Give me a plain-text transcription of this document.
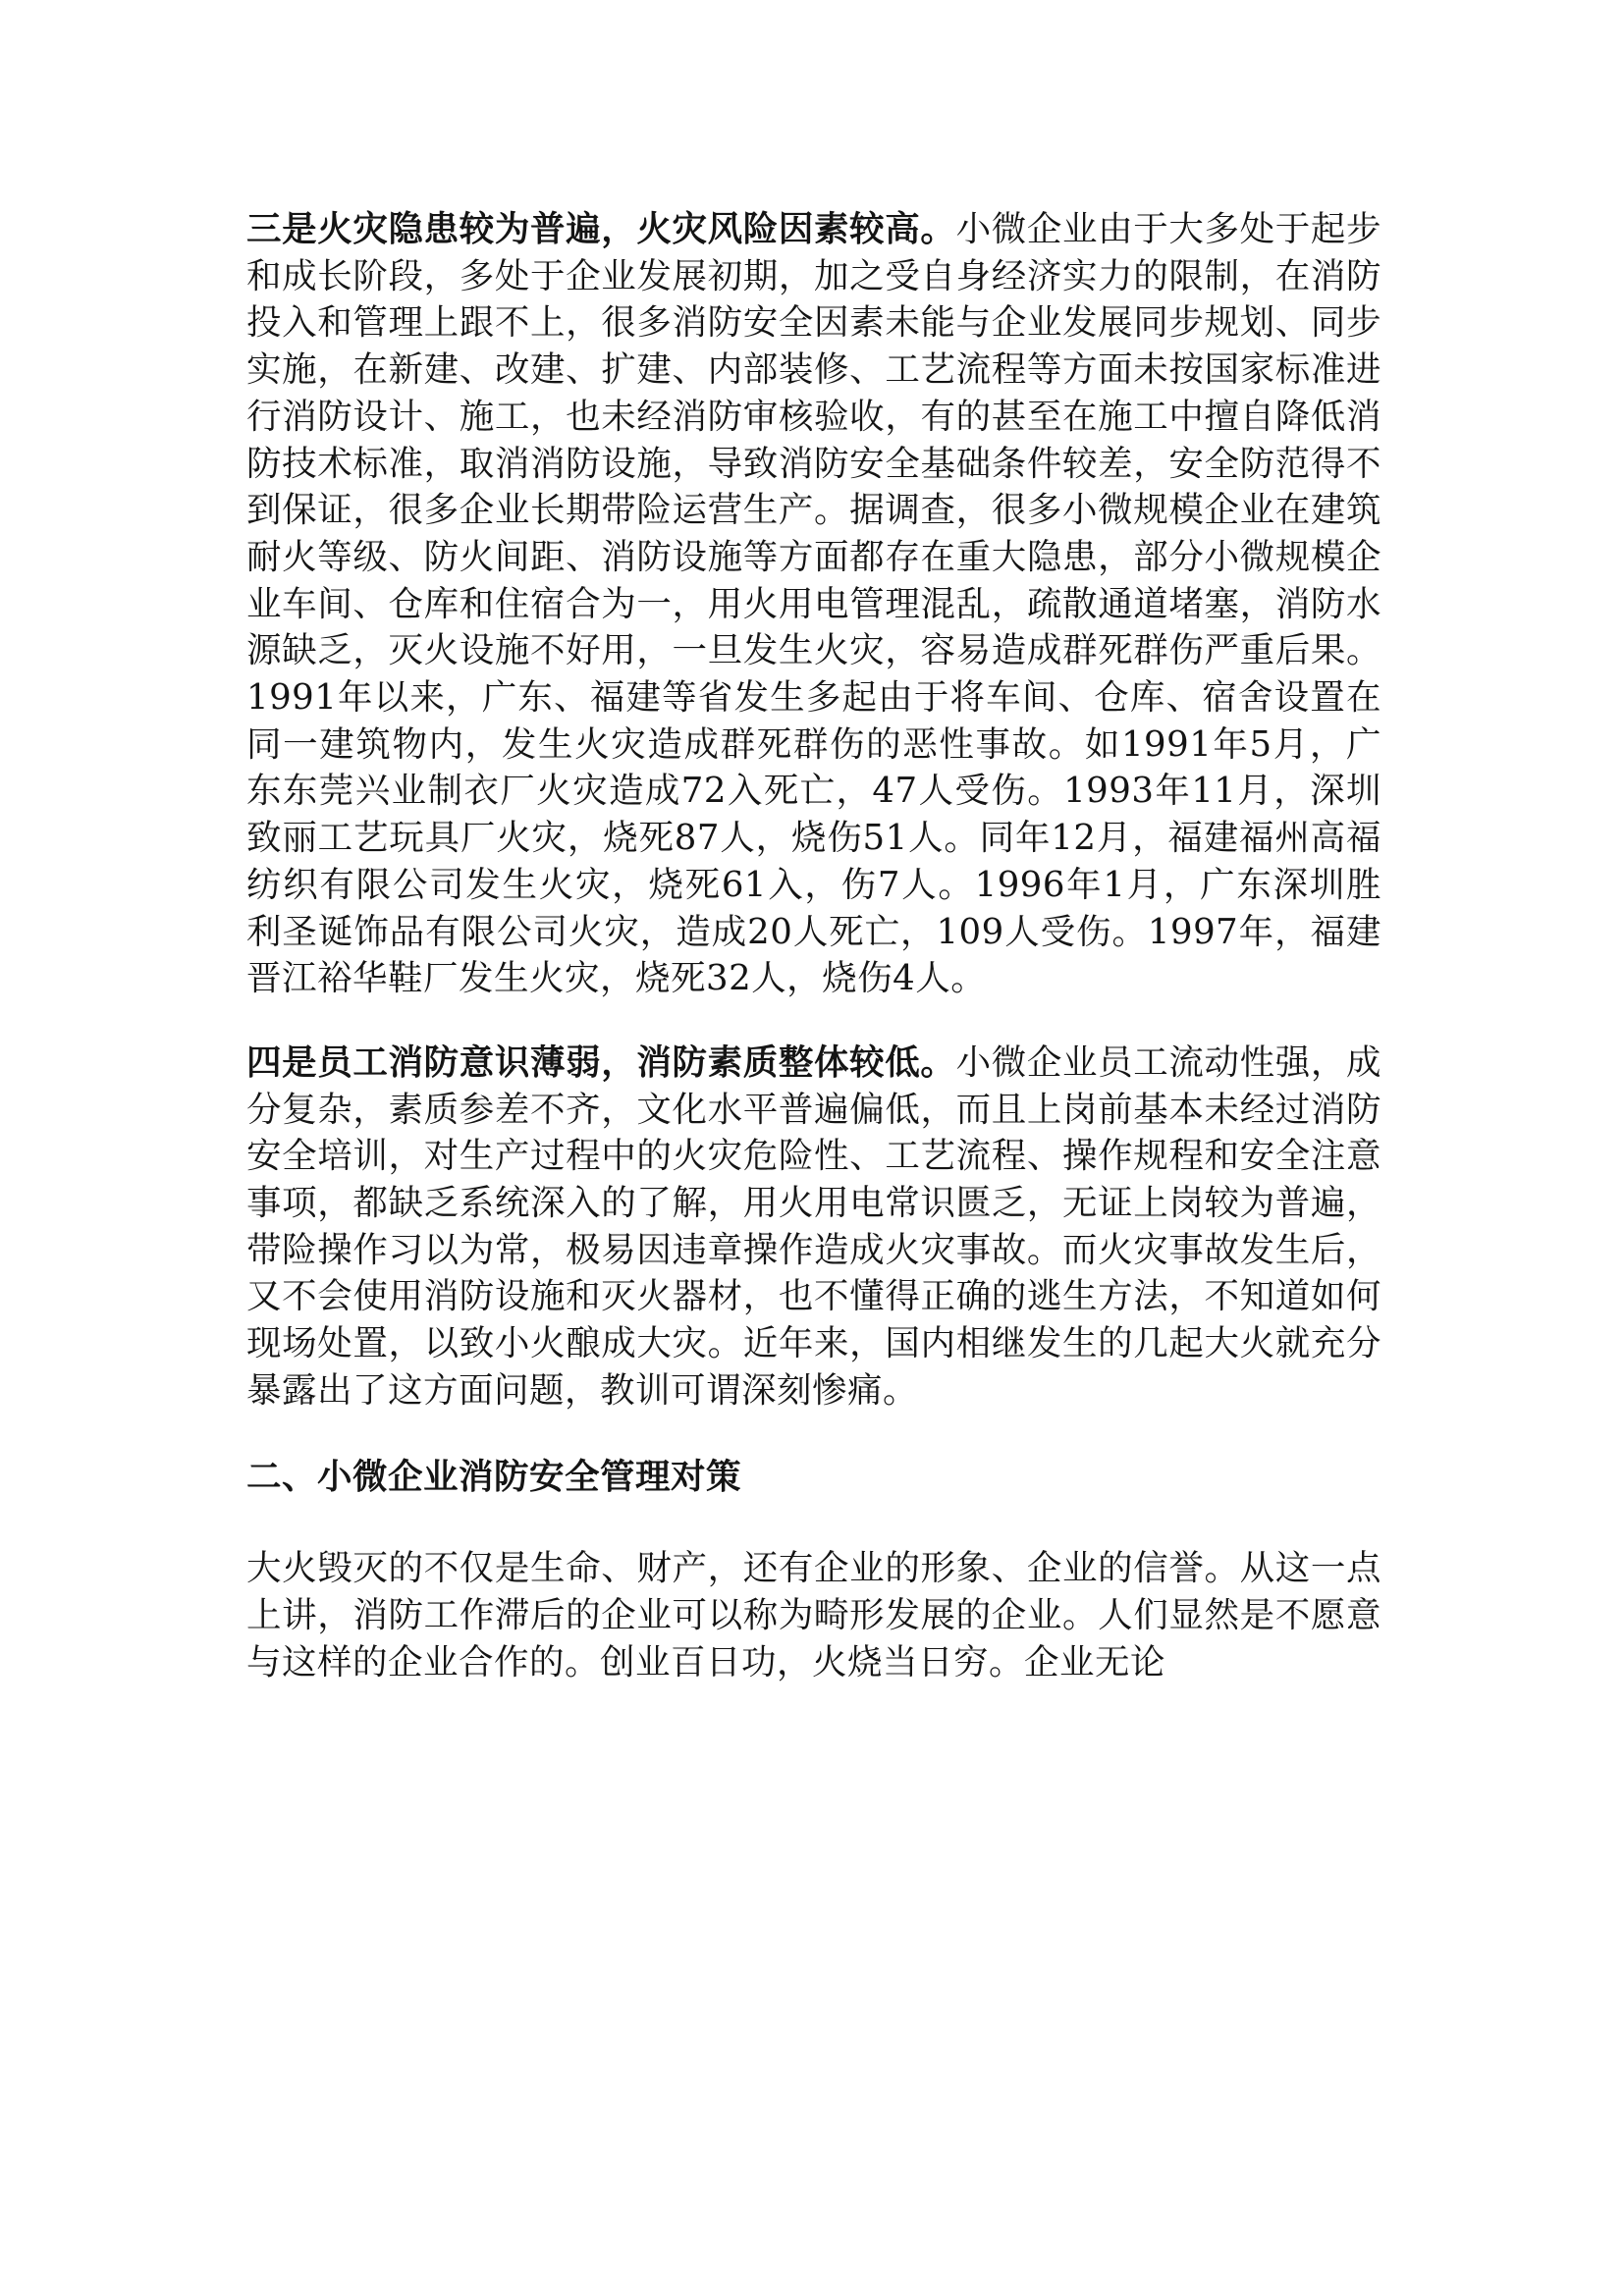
三是火灾隐患较为普遍，火灾风险因素较高。小微企业由于大多处于起步和成长阶段，多处于企业发展初期，加之受自身经济实力的限制，在消防投入和管理上跟不上，很多消防安全因素未能与企业发展同步规划、同步实施，在新建、改建、扩建、内部装修、工艺流程等方面未按国家标准进行消防设计、施工，也未经消防审核验收，有的甚至在施工中擅自降低消防技术标准，取消消防设施，导致消防安全基础条件较差，安全防范得不到保证，很多企业长期带险运营生产。据调查，很多小微规模企业在建筑耐火等级、防火间距、消防设施等方面都存在重大隐患，部分小微规模企业车间、仓库和住宿合为一，用火用电管理混乱，疏散通道堵塞，消防水源缺乏，灭火设施不好用，一旦发生火灾，容易造成群死群伤严重后果。1991年以来，广东、福建等省发生多起由于将车间、仓库、宿舍设置在同一建筑物内，发生火灾造成群死群伤的恶性事故。如1991年5月，广东东莞兴业制衣厂火灾造成72入死亡，47人受伤。1993年11月，深圳致丽工艺玩具厂火灾，烧死87人，烧伤51人。同年12月，福建福州高福纺织有限公司发生火灾，烧死61入，伤7人。1996年1月，广东深圳胜利圣诞饰品有限公司火灾，造成20人死亡，109人受伤。1997年，福建晋江裕华鞋厂发生火灾，烧死32人，烧伤4人。

四是员工消防意识薄弱，消防素质整体较低。小微企业员工流动性强，成分复杂，素质参差不齐，文化水平普遍偏低，而且上岗前基本未经过消防安全培训，对生产过程中的火灾危险性、工艺流程、操作规程和安全注意事项，都缺乏系统深入的了解，用火用电常识匮乏，无证上岗较为普遍，带险操作习以为常，极易因违章操作造成火灾事故。而火灾事故发生后，又不会使用消防设施和灭火器材，也不懂得正确的逃生方法，不知道如何现场处置，以致小火酿成大灾。近年来，国内相继发生的几起大火就充分暴露出了这方面问题，教训可谓深刻惨痛。

二、小微企业消防安全管理对策

大火毁灭的不仅是生命、财产，还有企业的形象、企业的信誉。从这一点上讲，消防工作滞后的企业可以称为畸形发展的企业。人们显然是不愿意与这样的企业合作的。创业百日功，火烧当日穷。企业无论
